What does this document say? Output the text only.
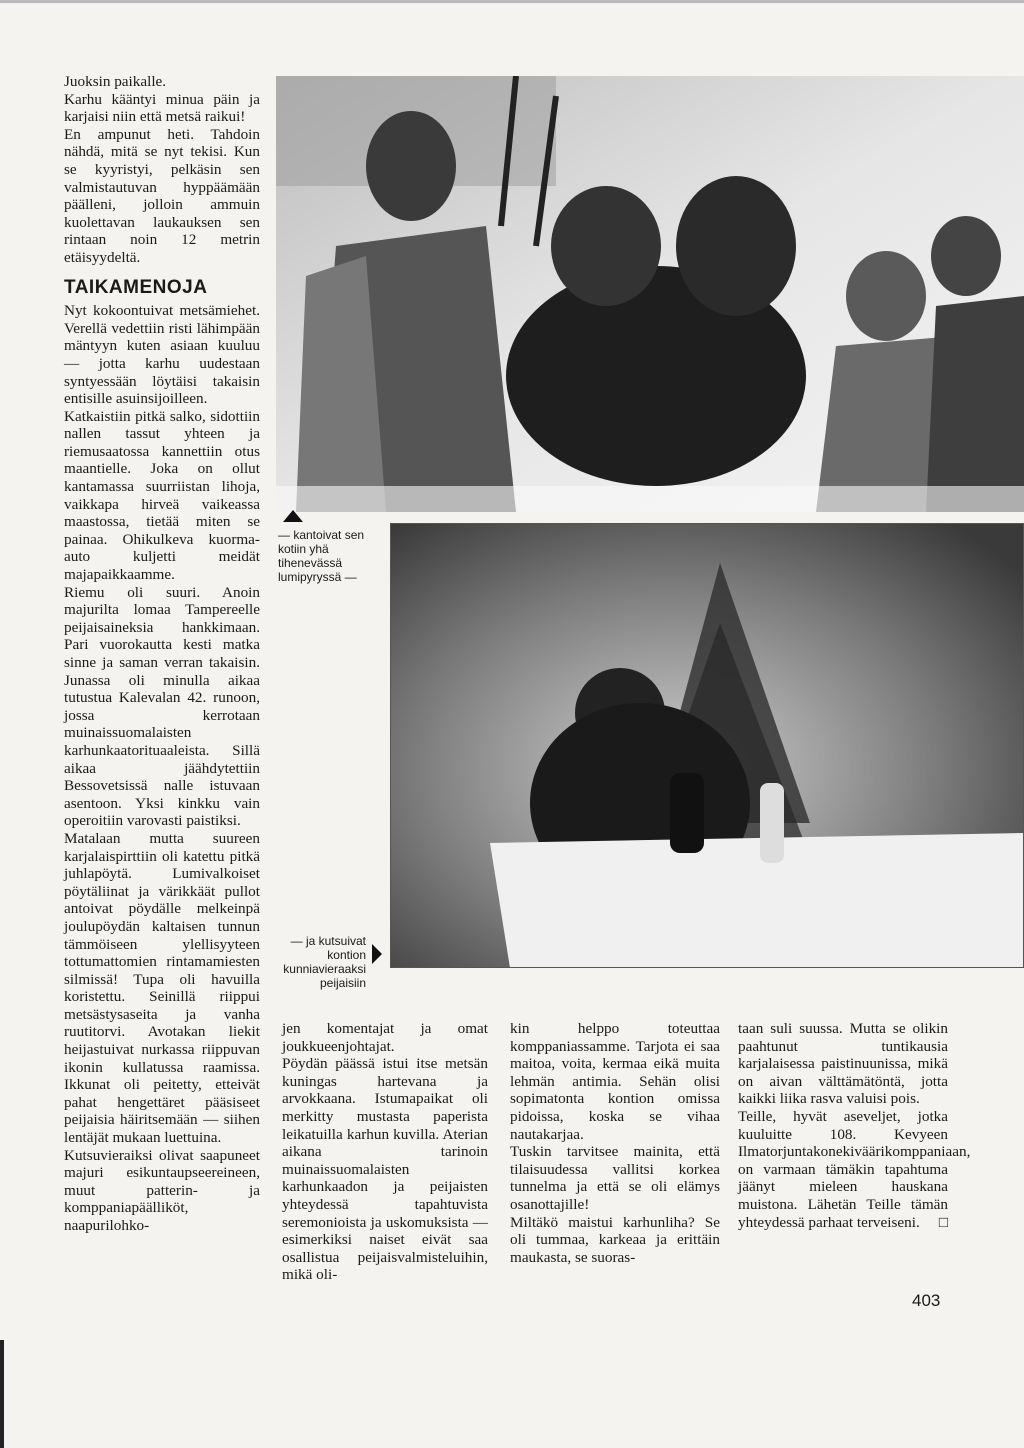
Juoksin paikalle.

Karhu kääntyi minua päin ja karjaisi niin että metsä raikui!

En ampunut heti. Tahdoin nähdä, mitä se nyt tekisi. Kun se kyyristyi, pelkäsin sen valmistautuvan hyppäämään päälleni, jolloin ammuin kuolettavan laukauksen sen rintaan noin 12 metrin etäisyydeltä.

TAIKAMENOJA

Nyt kokoontuivat metsämiehet. Verellä vedettiin risti lähimpään mäntyyn kuten asiaan kuuluu — jotta karhu uudestaan syntyessään löytäisi takaisin entisille asuinsijoilleen.

Katkaistiin pitkä salko, sidottiin nallen tassut yhteen ja riemusaatossa kannettiin otus maantielle. Joka on ollut kantamassa suurriistan lihoja, vaikkapa hirveä vaikeassa maastossa, tietää miten se painaa. Ohikulkeva kuorma-auto kuljetti meidät majapaikkaamme.

Riemu oli suuri. Anoin majurilta lomaa Tampereelle peijaisaineksia hankkimaan. Pari vuorokautta kesti matka sinne ja saman verran takaisin. Junassa oli minulla aikaa tutustua Kalevalan 42. runoon, jossa kerrotaan muinaissuomalaisten karhunkaatorituaaleista. Sillä aikaa jäähdytettiin Bessovetsissä nalle istuvaan asentoon. Yksi kinkku vain operoitiin varovasti paistiksi.

Matalaan mutta suureen karjalaispirttiin oli katettu pitkä juhlapöytä. Lumivalkoiset pöytäliinat ja värikkäät pullot antoivat pöydälle melkeinpä joulupöydän kaltaisen tunnun tämmöiseen ylellisyyteen tottumattomien rintamamiesten silmissä! Tupa oli havuilla koristettu. Seinillä riippui metsästysaseita ja vanha ruutitorvi. Avotakan liekit heijastuivat nurkassa riippuvan ikonin kullatussa raamissa. Ikkunat oli peitetty, etteivät pahat hengettäret pääsiseet peijaisia häiritsemään — siihen lentäjät mukaan luettuina.

Kutsuvieraiksi olivat saapuneet majuri esikuntaupseereineen, muut patterin- ja komppaniapäälliköt, naapurilohko-

— kantoivat sen kotiin yhä tihenevässä lumipyryssä —
— ja kutsuivat kontion kunniavieraaksi peijaisiin

jen komentajat ja omat joukkueenjohtajat.

Pöydän päässä istui itse metsän kuningas hartevana ja arvokkaana. Istumapaikat oli merkitty mustasta paperista leikatuilla karhun kuvilla. Aterian aikana tarinoin muinaissuomalaisten karhunkaadon ja peijaisten yhteydessä tapahtuvista seremonioista ja uskomuksista — esimerkiksi naiset eivät saa osallistua peijaisvalmisteluihin, mikä oli-

kin helppo toteuttaa komppaniassamme. Tarjota ei saa maitoa, voita, kermaa eikä muita lehmän antimia. Sehän olisi sopimatonta kontion omissa pidoissa, koska se vihaa nautakarjaa.

Tuskin tarvitsee mainita, että tilaisuudessa vallitsi korkea tunnelma ja että se oli elämys osanottajille!

Miltäkö maistui karhunliha? Se oli tummaa, karkeaa ja erittäin maukasta, se suoras-

taan suli suussa. Mutta se olikin paahtunut tuntikausia karjalaisessa paistinuunissa, mikä on aivan välttämätöntä, jotta kaikki liika rasva valuisi pois.

Teille, hyvät aseveljet, jotka kuuluitte 108. Kevyeen Ilmatorjuntakonekiväärikomppaniaan, on varmaan tämäkin tapahtuma jäänyt mieleen hauskana muistona. Lähetän Teille tämän yhteydessä parhaat terveiseni. □

403
